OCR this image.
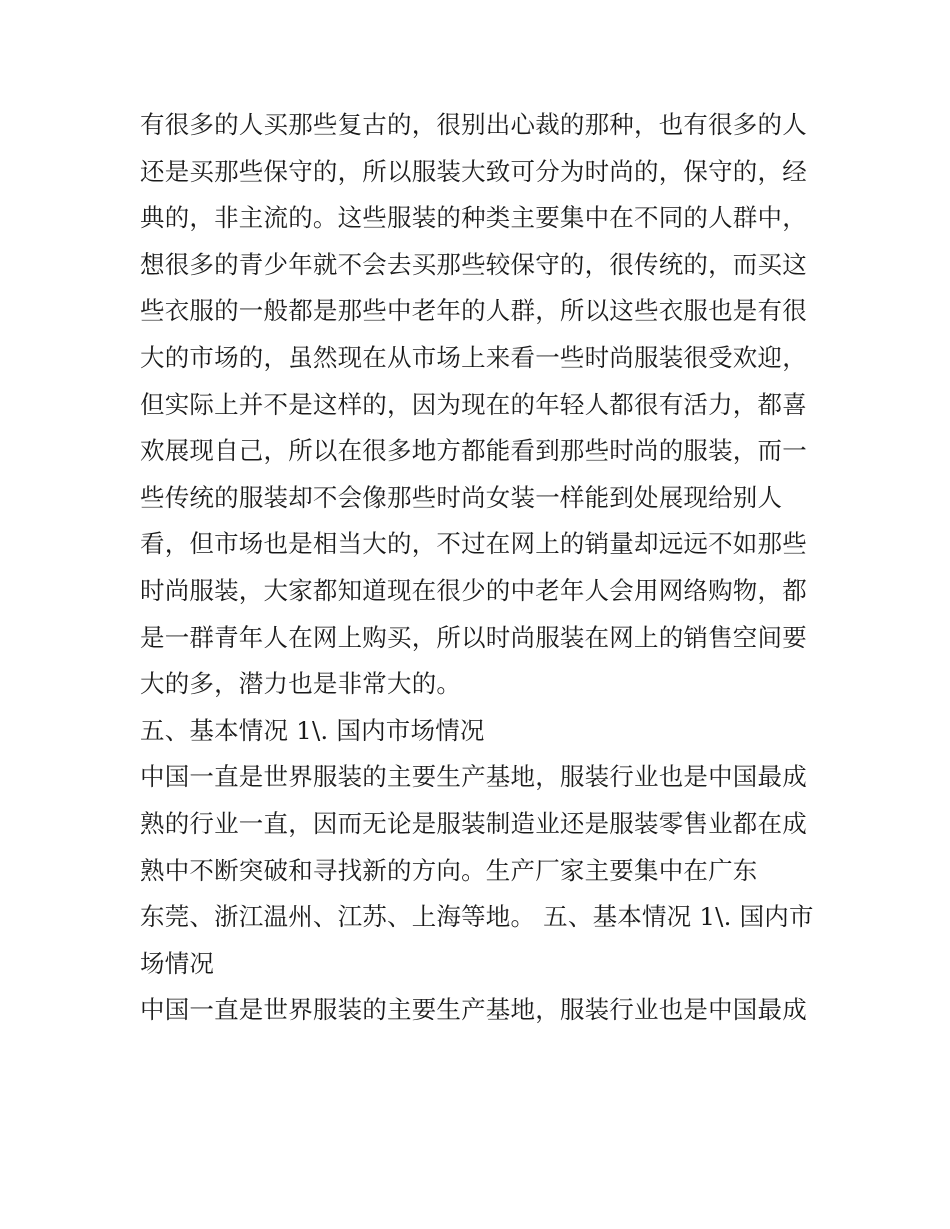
有很多的人买那些复古的，很别出心裁的那种，也有很多的人
还是买那些保守的，所以服装大致可分为时尚的，保守的，经
典的，非主流的。这些服装的种类主要集中在不同的人群中，
想很多的青少年就不会去买那些较保守的，很传统的，而买这
些衣服的一般都是那些中老年的人群，所以这些衣服也是有很
大的市场的，虽然现在从市场上来看一些时尚服装很受欢迎，
但实际上并不是这样的，因为现在的年轻人都很有活力，都喜
欢展现自己，所以在很多地方都能看到那些时尚的服装，而一
些传统的服装却不会像那些时尚女装一样能到处展现给别人
看，但市场也是相当大的，不过在网上的销量却远远不如那些
时尚服装，大家都知道现在很少的中老年人会用网络购物，都
是一群青年人在网上购买，所以时尚服装在网上的销售空间要
大的多，潜力也是非常大的。
五、基本情况 1\. 国内市场情况
中国一直是世界服装的主要生产基地，服装行业也是中国最成
熟的行业一直，因而无论是服装制造业还是服装零售业都在成
熟中不断突破和寻找新的方向。生产厂家主要集中在广东
东莞、浙江温州、江苏、上海等地。 五、基本情况 1\. 国内市
场情况
中国一直是世界服装的主要生产基地，服装行业也是中国最成
